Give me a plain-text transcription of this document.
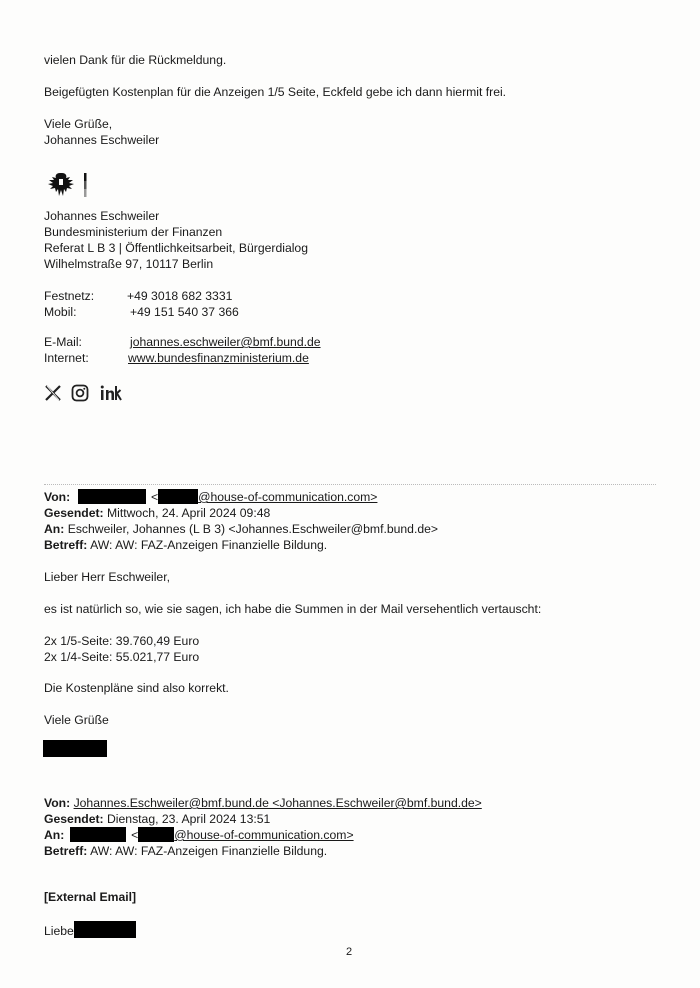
vielen Dank für die Rückmeldung.
Beigefügten Kostenplan für die Anzeigen 1/5 Seite, Eckfeld gebe ich dann hiermit frei.
Viele Grüße,
Johannes Eschweiler
Johannes Eschweiler
Bundesministerium der Finanzen
Referat L B 3 | Öffentlichkeitsarbeit, Bürgerdialog
Wilhelmstraße 97, 10117 Berlin
Festnetz:	+49 3018 682 3331
Mobil:	+49 151 540 37 366
E-Mail:	johannes.eschweiler@bmf.bund.de
Internet:	www.bundesfinanzministerium.de
Von:	<	@house-of-communication.com>
Gesendet: Mittwoch, 24. April 2024 09:48
An: Eschweiler, Johannes (L B 3) <Johannes.Eschweiler@bmf.bund.de>
Betreff: AW: AW: FAZ-Anzeigen Finanzielle Bildung.
Lieber Herr Eschweiler,
es ist natürlich so, wie sie sagen, ich habe die Summen in der Mail versehentlich vertauscht:
2x 1/5-Seite: 39.760,49 Euro
2x 1/4-Seite: 55.021,77 Euro
Die Kostenpläne sind also korrekt.
Viele Grüße
Von: Johannes.Eschweiler@bmf.bund.de <Johannes.Eschweiler@bmf.bund.de>
Gesendet: Dienstag, 23. April 2024 13:51
An:	<	@house-of-communication.com>
Betreff: AW: AW: FAZ-Anzeigen Finanzielle Bildung.
[External Email]
Liebe
2
